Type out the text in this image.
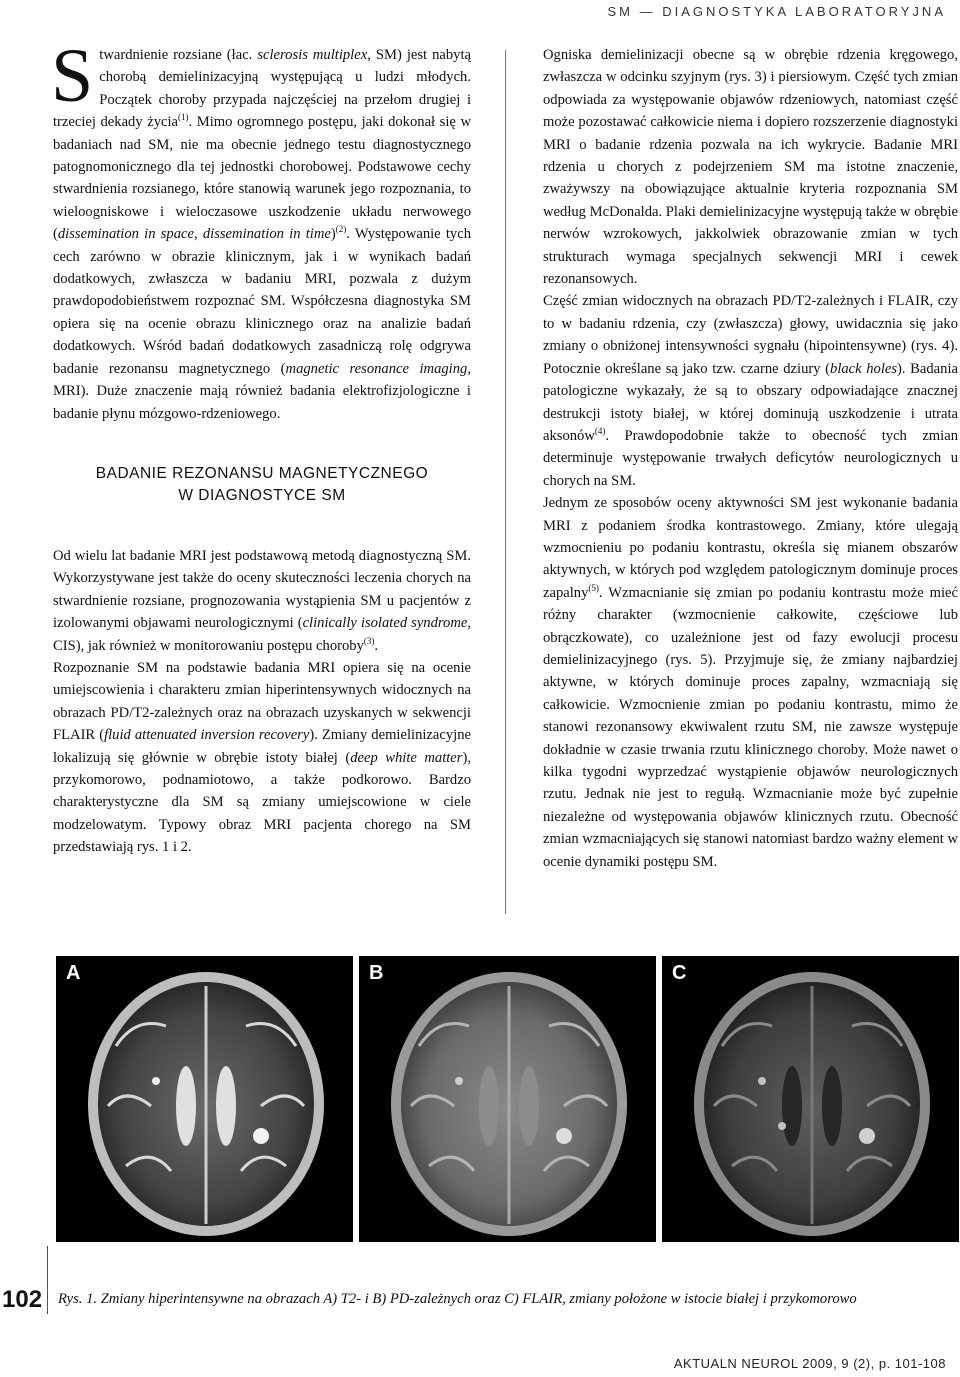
SM — DIAGNOSTYKA LABORATORYJNA

Stwardnienie rozsiane (łac. sclerosis multiplex, SM) jest nabytą chorobą demielinizacyjną występującą u ludzi młodych. Początek choroby przypada najczęściej na przełom drugiej i trzeciej dekady życia$^{(1)}$. Mimo ogromnego postępu, jaki dokonał się w badaniach nad SM, nie ma obecnie jednego testu diagnostycznego patognomonicznego dla tej jednostki chorobowej. Podstawowe cechy stwardnienia rozsianego, które stanowią warunek jego rozpoznania, to wieloogniskowe i wieloczasowe uszkodzenie układu nerwowego (dissemination in space, dissemination in time)$^{(2)}$. Występowanie tych cech zarówno w obrazie klinicznym, jak i w wynikach badań dodatkowych, zwłaszcza w badaniu MRI, pozwala z dużym prawdopodobieństwem rozpoznać SM. Współczesna diagnostyka SM opiera się na ocenie obrazu klinicznego oraz na analizie badań dodatkowych. Wśród badań dodatkowych zasadniczą rolę odgrywa badanie rezonansu magnetycznego (magnetic resonance imaging, MRI). Duże znaczenie mają również badania elektrofizjologiczne i badanie płynu mózgowo-rdzeniowego.

BADANIE REZONANSU MAGNETYCZNEGO
W DIAGNOSTYCE SM

Od wielu lat badanie MRI jest podstawową metodą diagnostyczną SM. Wykorzystywane jest także do oceny skuteczności leczenia chorych na stwardnienie rozsiane, prognozowania wystąpienia SM u pacjentów z izolowanymi objawami neurologicznymi (clinically isolated syndrome, CIS), jak również w monitorowaniu postępu choroby$^{(3)}$.

Rozpoznanie SM na podstawie badania MRI opiera się na ocenie umiejscowienia i charakteru zmian hiperintensywnych widocznych na obrazach PD/T2-zależnych oraz na obrazach uzyskanych w sekwencji FLAIR (fluid attenuated inversion recovery). Zmiany demielinizacyjne lokalizują się głównie w obrębie istoty białej (deep white matter), przykomorowo, podnamiotowo, a także podkorowo. Bardzo charakterystyczne dla SM są zmiany umiejscowione w ciele modzelowatym. Typowy obraz MRI pacjenta chorego na SM przedstawiają rys. 1 i 2.

Ogniska demielinizacji obecne są w obrębie rdzenia kręgowego, zwłaszcza w odcinku szyjnym (rys. 3) i piersiowym. Część tych zmian odpowiada za występowanie objawów rdzeniowych, natomiast część może pozostawać całkowicie niema i dopiero rozszerzenie diagnostyki MRI o badanie rdzenia pozwala na ich wykrycie. Badanie MRI rdzenia u chorych z podejrzeniem SM ma istotne znaczenie, zważywszy na obowiązujące aktualnie kryteria rozpoznania SM według McDonalda. Plaki demielinizacyjne występują także w obrębie nerwów wzrokowych, jakkolwiek obrazowanie zmian w tych strukturach wymaga specjalnych sekwencji MRI i cewek rezonansowych.

Część zmian widocznych na obrazach PD/T2-zależnych i FLAIR, czy to w badaniu rdzenia, czy (zwłaszcza) głowy, uwidacznia się jako zmiany o obniżonej intensywności sygnału (hipointensywne) (rys. 4). Potocznie określane są jako tzw. czarne dziury (black holes). Badania patologiczne wykazały, że są to obszary odpowiadające znacznej destrukcji istoty białej, w której dominują uszkodzenie i utrata aksonów$^{(4)}$. Prawdopodobnie także to obecność tych zmian determinuje występowanie trwałych deficytów neurologicznych u chorych na SM.

Jednym ze sposobów oceny aktywności SM jest wykonanie badania MRI z podaniem środka kontrastowego. Zmiany, które ulegają wzmocnieniu po podaniu kontrastu, określa się mianem obszarów aktywnych, w których pod względem patologicznym dominuje proces zapalny$^{(5)}$. Wzmacnianie się zmian po podaniu kontrastu może mieć różny charakter (wzmocnienie całkowite, częściowe lub obrączkowate), co uzależnione jest od fazy ewolucji procesu demielinizacyjnego (rys. 5). Przyjmuje się, że zmiany najbardziej aktywne, w których dominuje proces zapalny, wzmacniają się całkowicie. Wzmocnienie zmian po podaniu kontrastu, mimo że stanowi rezonansowy ekwiwalent rzutu SM, nie zawsze występuje dokładnie w czasie trwania rzutu klinicznego choroby. Może nawet o kilka tygodni wyprzedzać wystąpienie objawów neurologicznych rzutu. Jednak nie jest to regułą. Wzmacnianie może być zupełnie niezależne od występowania objawów klinicznych rzutu. Obecność zmian wzmacniających się stanowi natomiast bardzo ważny element w ocenie dynamiki postępu SM.

A	B	C
102 Rys. 1. Zmiany hiperintensywne na obrazach A) T2- i B) PD-zależnych oraz C) FLAIR, zmiany położone w istocie białej i przykomorowo
AKTUALN NEUROL 2009, 9 (2), p. 101-108
